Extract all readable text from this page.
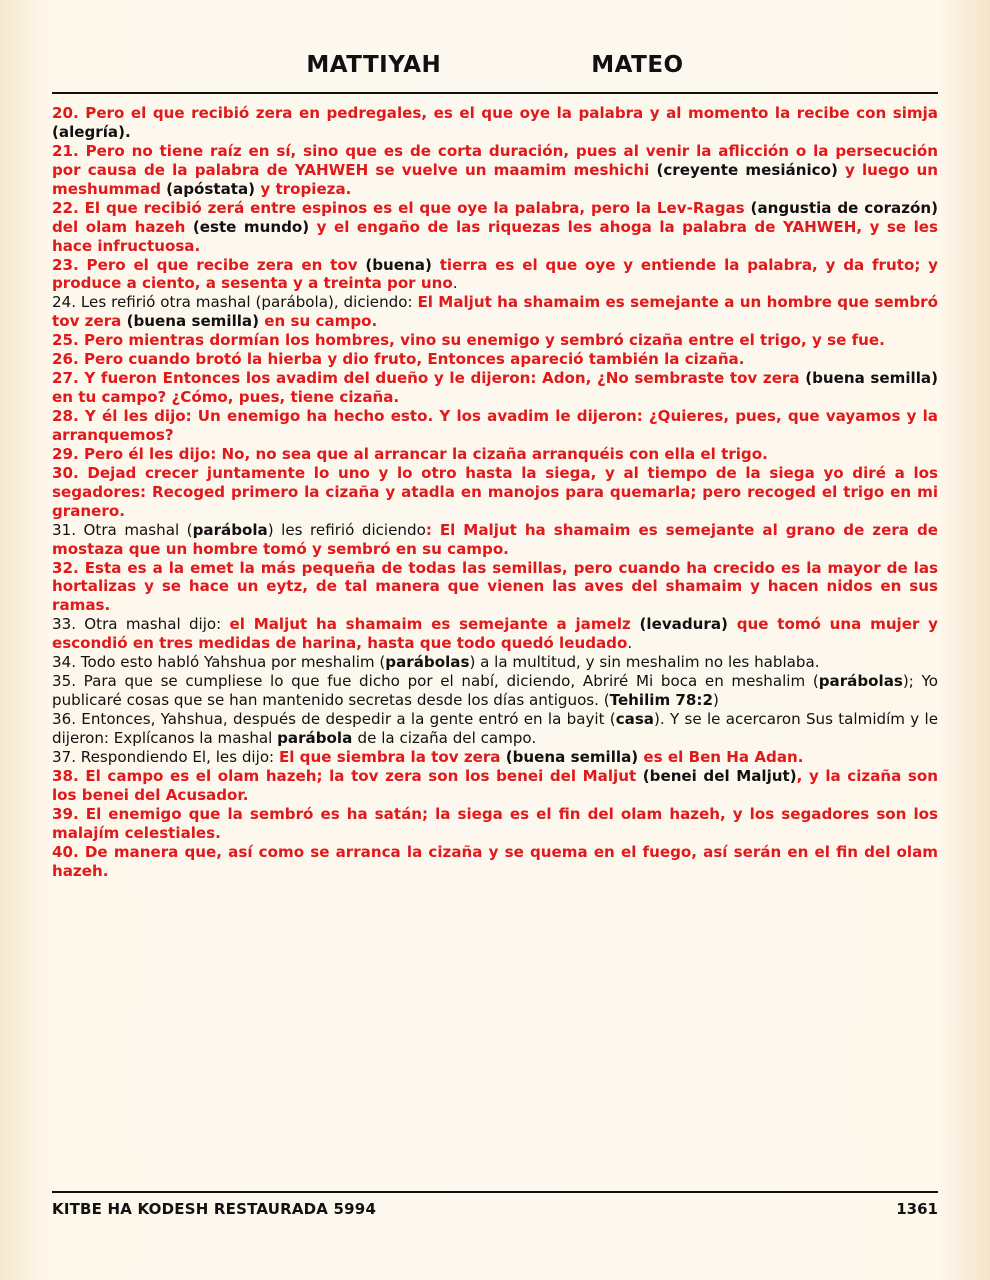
MATTIYAH	MATEO

20. Pero el que recibió zera en pedregales, es el que oye la palabra y al momento la recibe con simja (alegría).

21. Pero no tiene raíz en sí, sino que es de corta duración, pues al venir la aflicción o la persecución por causa de la palabra de YAHWEH se vuelve un maamim meshichi (creyente mesiánico) y luego un meshummad (apóstata) y tropieza.

22. El que recibió zerá entre espinos es el que oye la palabra, pero la Lev-Ragas (angustia de corazón) del olam hazeh (este mundo) y el engaño de las riquezas les ahoga la palabra de YAHWEH, y se les hace infructuosa.

23. Pero el que recibe zera en tov (buena) tierra es el que oye y entiende la palabra, y da fruto; y produce a ciento, a sesenta y a treinta por uno.

24. Les refirió otra mashal (parábola), diciendo: El Maljut ha shamaim es semejante a un hombre que sembró tov zera (buena semilla) en su campo.

25. Pero mientras dormían los hombres, vino su enemigo y sembró cizaña entre el trigo, y se fue.

26. Pero cuando brotó la hierba y dio fruto, Entonces apareció también la cizaña.

27. Y fueron Entonces los avadim del dueño y le dijeron: Adon, ¿No sembraste tov zera (buena semilla) en tu campo? ¿Cómo, pues, tiene cizaña.

28. Y él les dijo: Un enemigo ha hecho esto. Y los avadim le dijeron: ¿Quieres, pues, que vayamos y la arranquemos?

29. Pero él les dijo: No, no sea que al arrancar la cizaña arranquéis con ella el trigo.

30. Dejad crecer juntamente lo uno y lo otro hasta la siega, y al tiempo de la siega yo diré a los segadores: Recoged primero la cizaña y atadla en manojos para quemarla; pero recoged el trigo en mi granero.

31. Otra mashal (parábola) les refirió diciendo: El Maljut ha shamaim es semejante al grano de zera de mostaza que un hombre tomó y sembró en su campo.

32. Esta es a la emet la más pequeña de todas las semillas, pero cuando ha crecido es la mayor de las hortalizas y se hace un eytz, de tal manera que vienen las aves del shamaim y hacen nidos en sus ramas.

33. Otra mashal dijo: el Maljut ha shamaim es semejante a jamelz (levadura) que tomó una mujer y escondió en tres medidas de harina, hasta que todo quedó leudado.

34. Todo esto habló Yahshua por meshalim (parábolas) a la multitud, y sin meshalim no les hablaba.

35. Para que se cumpliese lo que fue dicho por el nabí, diciendo, Abriré Mi boca en meshalim (parábolas); Yo publicaré cosas que se han mantenido secretas desde los días antiguos. (Tehilim 78:2)

36. Entonces, Yahshua, después de despedir a la gente entró en la bayit (casa). Y se le acercaron Sus talmidím y le dijeron: Explícanos la mashal parábola de la cizaña del campo.

37. Respondiendo El, les dijo: El que siembra la tov zera (buena semilla) es el Ben Ha Adan.

38. El campo es el olam hazeh; la tov zera son los benei del Maljut (benei del Maljut), y la cizaña son los benei del Acusador.

39. El enemigo que la sembró es ha satán; la siega es el fin del olam hazeh, y los segadores son los malajím celestiales.

40. De manera que, así como se arranca la cizaña y se quema en el fuego, así serán en el fin del olam hazeh.

KITBE HA KODESH RESTAURADA 5994	1361
